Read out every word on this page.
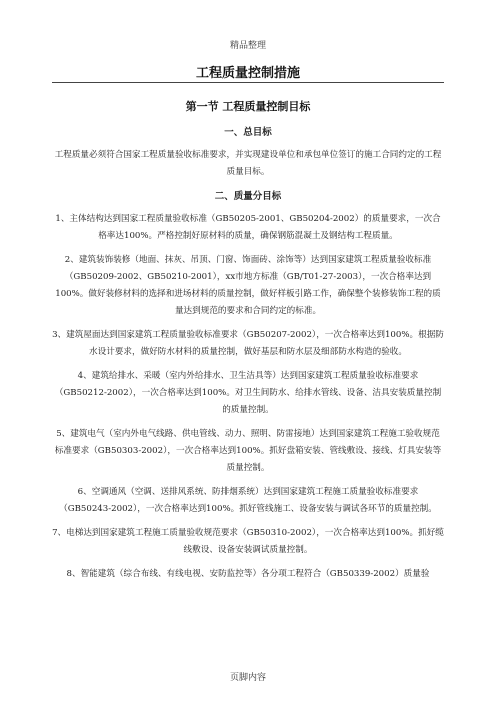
精品整理
工程质量控制措施
第一节 工程质量控制目标
一、总目标
工程质量必须符合国家工程质量验收标准要求，并实现建设单位和承包单位签订的施工合同约定的工程质量目标。
二、质量分目标
1、主体结构达到国家工程质量验收标准（GB50205-2001、GB50204-2002）的质量要求，一次合格率达100%。严格控制好原材料的质量，确保钢筋混凝土及钢结构工程质量。
2、建筑装饰装修（地面、抹灰、吊顶、门窗、饰面砖、涂饰等）达到国家建筑工程质量验收标准（GB50209-2002、GB50210-2001），xx市地方标准（GB/T01-27-2003），一次合格率达到100%。做好装修材料的选择和进场材料的质量控制，做好样板引路工作，确保整个装修装饰工程的质量达到规范的要求和合同约定的标准。
3、建筑屋面达到国家建筑工程质量验收标准要求（GB50207-2002），一次合格率达到100%。根据防水设计要求，做好防水材料的质量控制，做好基层和防水层及细部防水构造的验收。
4、建筑给排水、采暖（室内外给排水、卫生洁具等）达到国家建筑工程质量验收标准要求（GB50212-2002），一次合格率达到100%。对卫生间防水、给排水管线、设备、洁具安装质量控制的质量控制。
5、建筑电气（室内外电气线路、供电管线、动力、照明、防雷接地）达到国家建筑工程施工验收规范标准要求（GB50303-2002），一次合格率达到100%。抓好盘箱安装、管线敷设、接线、灯具安装等质量控制。
6、空调通风（空调、送排风系统、防排烟系统）达到国家建筑工程施工质量验收标准要求（GB50243-2002），一次合格率达到100%。抓好管线施工、设备安装与调试各环节的质量控制。
7、电梯达到国家建筑工程施工质量验收规范要求（GB50310-2002），一次合格率达到100%。抓好缆线敷设、设备安装调试质量控制。
8、智能建筑（综合布线、有线电视、安防监控等）各分项工程符合（GB50339-2002）质量验
页脚内容
